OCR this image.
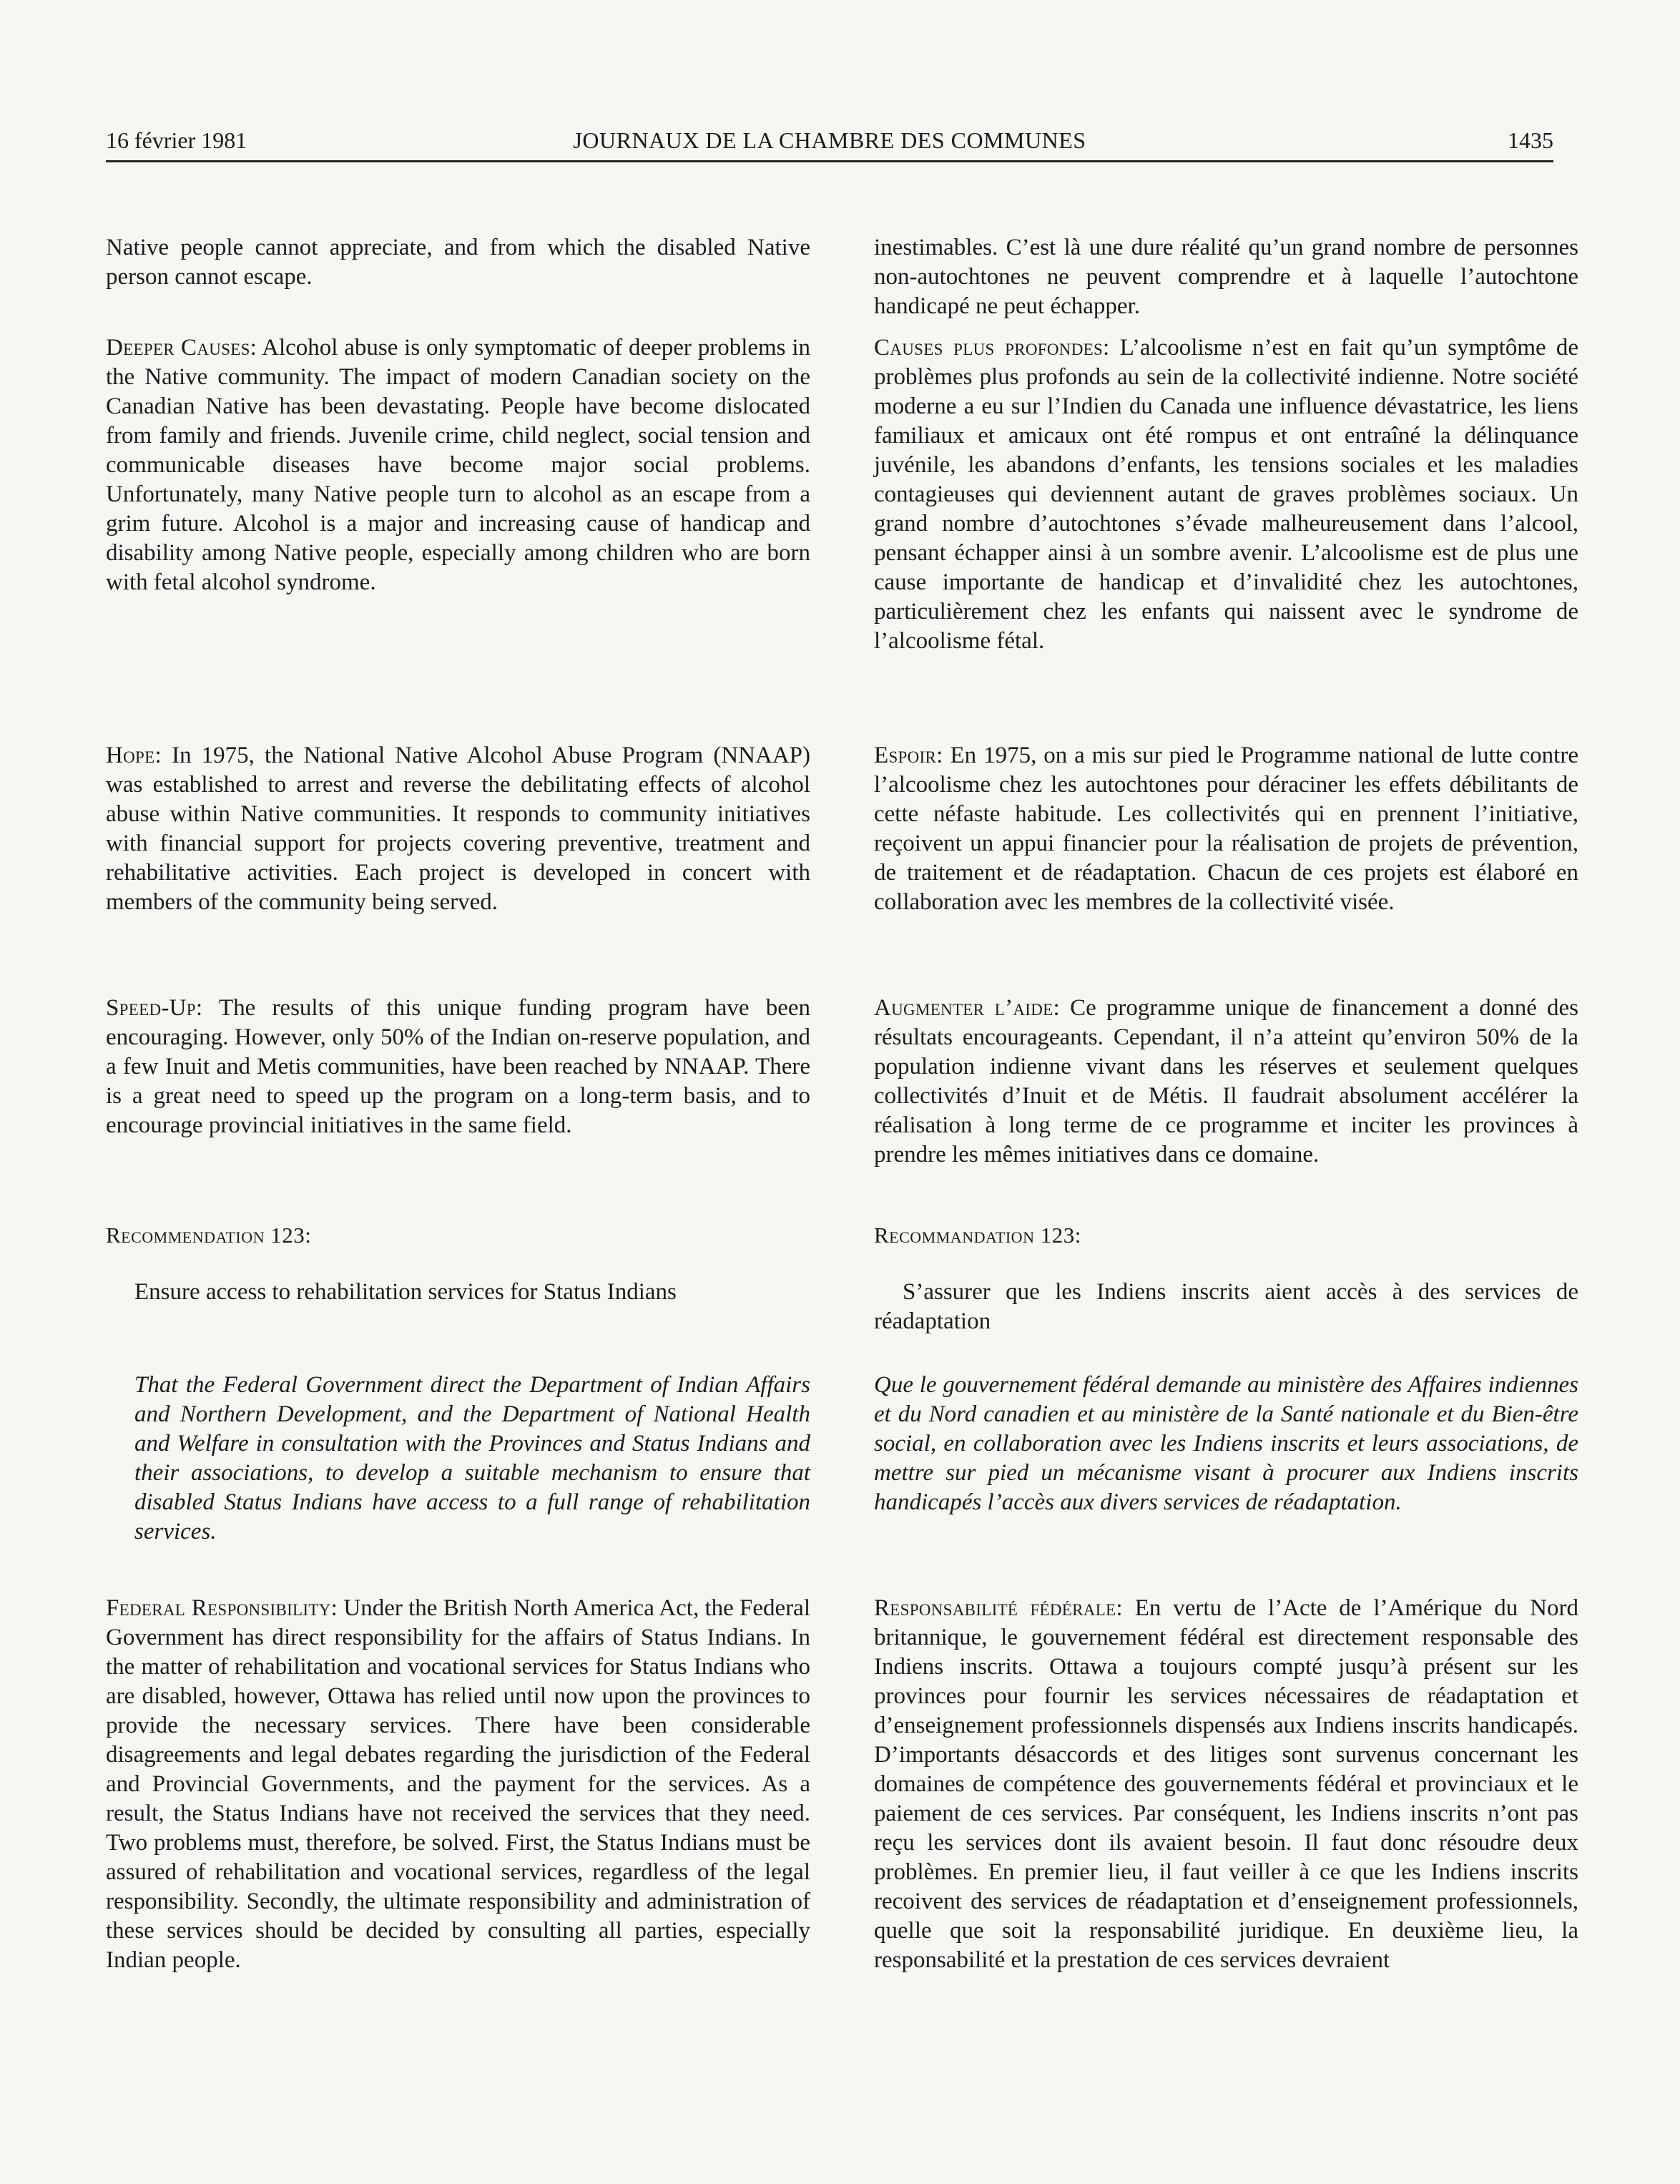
16 février 1981	JOURNAUX DE LA CHAMBRE DES COMMUNES	1435

Native people cannot appreciate, and from which the disabled Native person cannot escape.

Deeper Causes: Alcohol abuse is only symptomatic of deeper problems in the Native community. The impact of modern Canadian society on the Canadian Native has been devastating. People have become dislocated from family and friends. Juvenile crime, child neglect, social tension and communicable diseases have become major social problems. Unfortunately, many Native people turn to alcohol as an escape from a grim future. Alcohol is a major and increasing cause of handicap and disability among Native people, especially among children who are born with fetal alcohol syndrome.

Hope: In 1975, the National Native Alcohol Abuse Program (NNAAP) was established to arrest and reverse the debilitating effects of alcohol abuse within Native communities. It responds to community initiatives with financial support for projects covering preventive, treatment and rehabilitative activities. Each project is developed in concert with members of the community being served.

Speed-Up: The results of this unique funding program have been encouraging. However, only 50% of the Indian on-reserve population, and a few Inuit and Metis communities, have been reached by NNAAP. There is a great need to speed up the program on a long-term basis, and to encourage provincial initiatives in the same field.

Recommendation 123:
Ensure access to rehabilitation services for Status Indians
That the Federal Government direct the Department of Indian Affairs and Northern Development, and the Department of National Health and Welfare in consultation with the Provinces and Status Indians and their associations, to develop a suitable mechanism to ensure that disabled Status Indians have access to a full range of rehabilitation services.

Federal Responsibility: Under the British North America Act, the Federal Government has direct responsibility for the affairs of Status Indians. In the matter of rehabilitation and vocational services for Status Indians who are disabled, however, Ottawa has relied until now upon the provinces to provide the necessary services. There have been considerable disagreements and legal debates regarding the jurisdiction of the Federal and Provincial Governments, and the payment for the services. As a result, the Status Indians have not received the services that they need. Two problems must, therefore, be solved. First, the Status Indians must be assured of rehabilitation and vocational services, regardless of the legal responsibility. Secondly, the ultimate responsibility and administration of these services should be decided by consulting all parties, especially Indian people.

inestimables. C’est là une dure réalité qu’un grand nombre de personnes non-autochtones ne peuvent comprendre et à laquelle l’autochtone handicapé ne peut échapper.

Causes plus profondes: L’alcoolisme n’est en fait qu’un symptôme de problèmes plus profonds au sein de la collectivité indienne. Notre société moderne a eu sur l’Indien du Canada une influence dévastatrice, les liens familiaux et amicaux ont été rompus et ont entraîné la délinquance juvénile, les abandons d’enfants, les tensions sociales et les maladies contagieuses qui deviennent autant de graves problèmes sociaux. Un grand nombre d’autochtones s’évade malheureusement dans l’alcool, pensant échapper ainsi à un sombre avenir. L’alcoolisme est de plus une cause importante de handicap et d’invalidité chez les autochtones, particulièrement chez les enfants qui naissent avec le syndrome de l’alcoolisme fétal.

Espoir: En 1975, on a mis sur pied le Programme national de lutte contre l’alcoolisme chez les autochtones pour déraciner les effets débilitants de cette néfaste habitude. Les collectivités qui en prennent l’initiative, reçoivent un appui financier pour la réalisation de projets de prévention, de traitement et de réadaptation. Chacun de ces projets est élaboré en collaboration avec les membres de la collectivité visée.

Augmenter l’aide: Ce programme unique de financement a donné des résultats encourageants. Cependant, il n’a atteint qu’environ 50% de la population indienne vivant dans les réserves et seulement quelques collectivités d’Inuit et de Métis. Il faudrait absolument accélérer la réalisation à long terme de ce programme et inciter les provinces à prendre les mêmes initiatives dans ce domaine.

Recommandation 123:
S’assurer que les Indiens inscrits aient accès à des services de réadaptation
Que le gouvernement fédéral demande au ministère des Affaires indiennes et du Nord canadien et au ministère de la Santé nationale et du Bien-être social, en collaboration avec les Indiens inscrits et leurs associations, de mettre sur pied un mécanisme visant à procurer aux Indiens inscrits handicapés l’accès aux divers services de réadaptation.

Responsabilité fédérale: En vertu de l’Acte de l’Amérique du Nord britannique, le gouvernement fédéral est directement responsable des Indiens inscrits. Ottawa a toujours compté jusqu’à présent sur les provinces pour fournir les services nécessaires de réadaptation et d’enseignement professionnels dispensés aux Indiens inscrits handicapés. D’importants désaccords et des litiges sont survenus concernant les domaines de compétence des gouvernements fédéral et provinciaux et le paiement de ces services. Par conséquent, les Indiens inscrits n’ont pas reçu les services dont ils avaient besoin. Il faut donc résoudre deux problèmes. En premier lieu, il faut veiller à ce que les Indiens inscrits recoivent des services de réadaptation et d’enseignement professionnels, quelle que soit la responsabilité juridique. En deuxième lieu, la responsabilité et la prestation de ces services devraient
